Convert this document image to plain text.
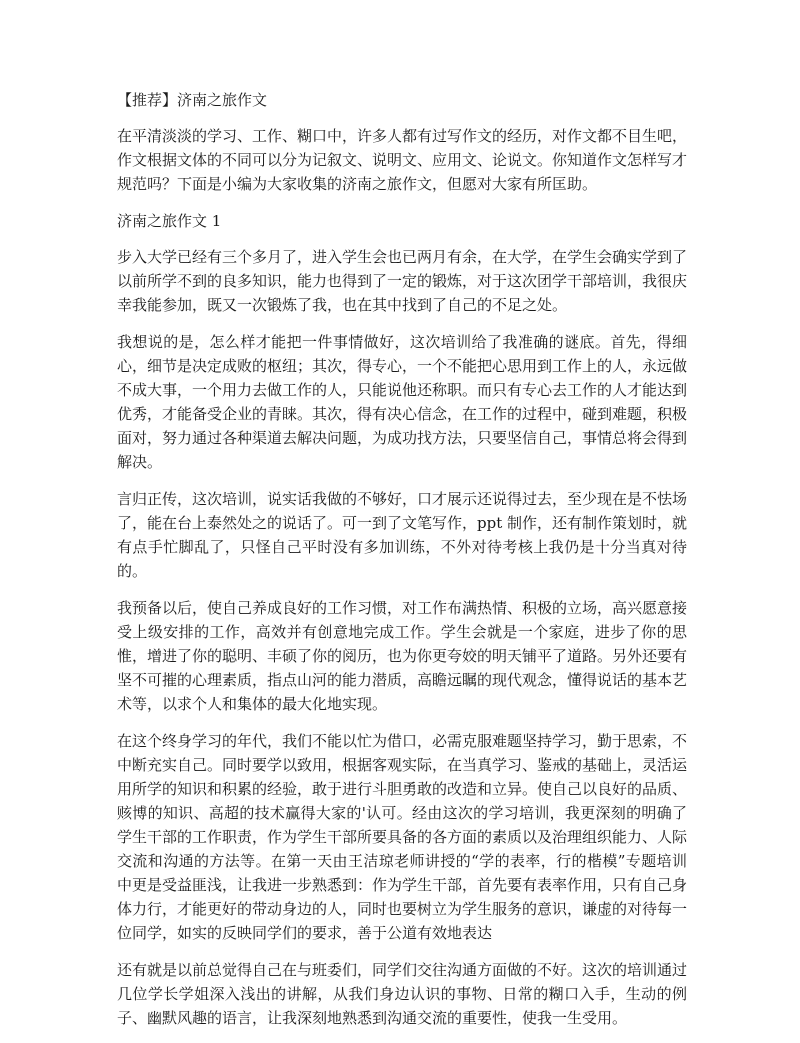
【推荐】济南之旅作文
在平清淡淡的学习、工作、糊口中，许多人都有过写作文的经历，对作文都不目生吧，作文根据文体的不同可以分为记叙文、说明文、应用文、论说文。你知道作文怎样写才规范吗？下面是小编为大家收集的济南之旅作文，但愿对大家有所匡助。
济南之旅作文 1
步入大学已经有三个多月了，进入学生会也已两月有余，在大学，在学生会确实学到了以前所学不到的良多知识，能力也得到了一定的锻炼，对于这次团学干部培训，我很庆幸我能参加，既又一次锻炼了我，也在其中找到了自己的不足之处。
我想说的是，怎么样才能把一件事情做好，这次培训给了我准确的谜底。首先，得细心，细节是决定成败的枢纽；其次，得专心，一个不能把心思用到工作上的人，永远做不成大事，一个用力去做工作的人，只能说他还称职。而只有专心去工作的人才能达到优秀，才能备受企业的青睐。其次，得有决心信念，在工作的过程中，碰到难题，积极面对，努力通过各种渠道去解决问题，为成功找方法，只要坚信自己，事情总将会得到解决。
言归正传，这次培训，说实话我做的不够好，口才展示还说得过去，至少现在是不怯场了，能在台上泰然处之的说话了。可一到了文笔写作，ppt 制作，还有制作策划时，就有点手忙脚乱了，只怪自己平时没有多加训练，不外对待考核上我仍是十分当真对待的。
我预备以后，使自己养成良好的工作习惯，对工作布满热情、积极的立场，高兴愿意接受上级安排的工作，高效并有创意地完成工作。学生会就是一个家庭，进步了你的思惟，增进了你的聪明、丰硕了你的阅历，也为你更夸姣的明天铺平了道路。另外还要有坚不可摧的心理素质，指点山河的能力潜质，高瞻远瞩的现代观念，懂得说话的基本艺术等，以求个人和集体的最大化地实现。
在这个终身学习的年代，我们不能以忙为借口，必需克服难题坚持学习，勤于思索，不中断充实自己。同时要学以致用，根据客观实际，在当真学习、鉴戒的基础上，灵活运用所学的知识和积累的经验，敢于进行斗胆勇敢的改造和立异。使自己以良好的品质、赅博的知识、高超的技术赢得大家的'认可。经由这次的学习培训，我更深刻的明确了学生干部的工作职责，作为学生干部所要具备的各方面的素质以及治理组织能力、人际交流和沟通的方法等。在第一天由王洁琼老师讲授的“学的表率，行的楷模”专题培训中更是受益匪浅，让我进一步熟悉到：作为学生干部，首先要有表率作用，只有自己身体力行，才能更好的带动身边的人，同时也要树立为学生服务的意识，谦虚的对待每一位同学，如实的反映同学们的要求，善于公道有效地表达
还有就是以前总觉得自己在与班委们，同学们交往沟通方面做的不好。这次的培训通过几位学长学姐深入浅出的讲解，从我们身边认识的事物、日常的糊口入手，生动的例子、幽默风趣的语言，让我深刻地熟悉到沟通交流的重要性，使我一生受用。
